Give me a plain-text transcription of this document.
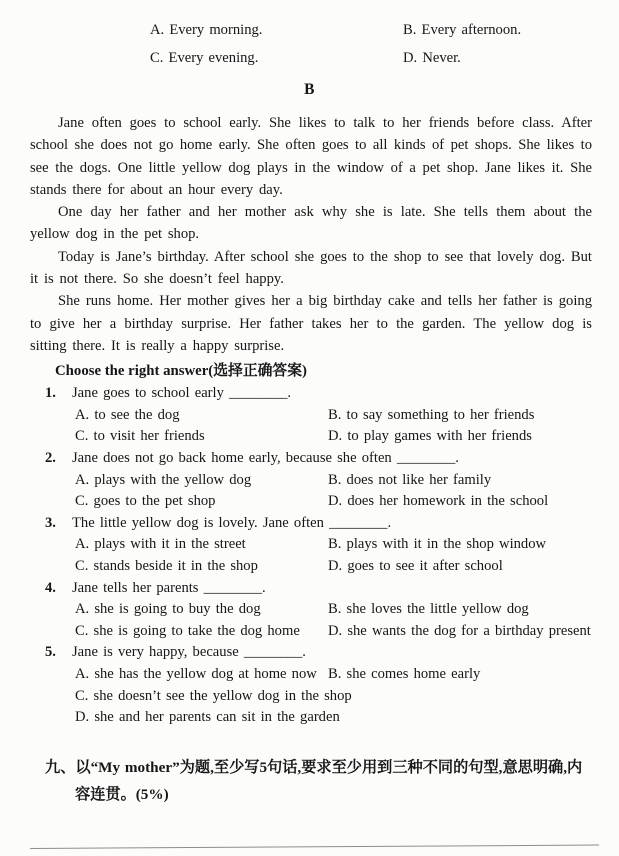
A. Every morning.	B. Every afternoon.
C. Every evening.	D. Never.
B

Jane often goes to school early. She likes to talk to her friends before class. After school she does not go home early. She often goes to all kinds of pet shops. She likes to see the dogs. One little yellow dog plays in the window of a pet shop. Jane likes it. She stands there for about an hour every day.

One day her father and her mother ask why she is late. She tells them about the yellow dog in the pet shop.

Today is Jane’s birthday. After school she goes to the shop to see that lovely dog. But it is not there. So she doesn’t feel happy.

She runs home. Her mother gives her a big birthday cake and tells her father is going to give her a birthday surprise. Her father takes her to the garden. The yellow dog is sitting there. It is really a happy surprise.

Choose the right answer(选择正确答案)
1.	Jane goes to school early ________.
A. to see the dog	B. to say something to her friends
C. to visit her friends	D. to play games with her friends
2.	Jane does not go back home early, because she often ________.
A. plays with the yellow dog	B. does not like her family
C. goes to the pet shop	D. does her homework in the school
3.	The little yellow dog is lovely. Jane often ________.
A. plays with it in the street	B. plays with it in the shop window
C. stands beside it in the shop	D. goes to see it after school
4.	Jane tells her parents ________.
A. she is going to buy the dog	B. she loves the little yellow dog
C. she is going to take the dog home	D. she wants the dog for a birthday present
5.	Jane is very happy, because ________.
A. she has the yellow dog at home now B. she comes home early
C. she doesn’t see the yellow dog in the shop
D. she and her parents can sit in the garden
九、以“My mother”为题,至少写5句话,要求至少用到三种不同的句型,意思明确,内容连贯。(5%)
